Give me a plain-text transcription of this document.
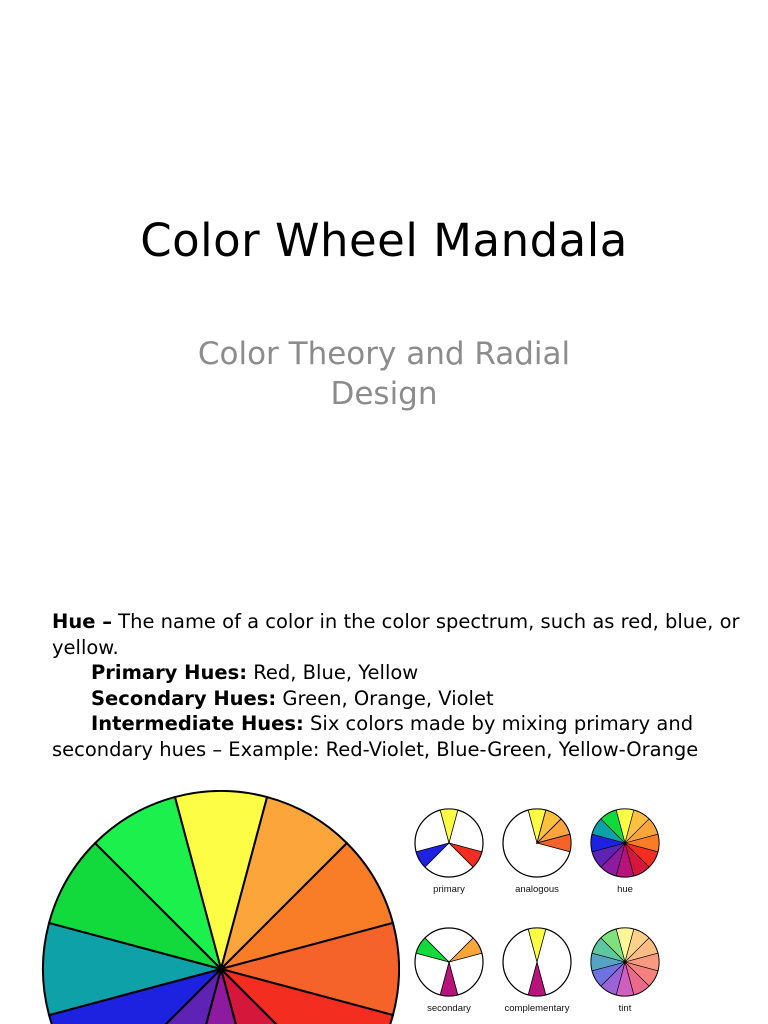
Color Wheel Mandala
Color Theory and Radial Design

Hue – The name of a color in the color spectrum, such as red, blue, or yellow.

Primary Hues: Red, Blue, Yellow

Secondary Hues: Green, Orange, Violet

Intermediate Hues: Six colors made by mixing primary andsecondary hues – Example: Red-Violet, Blue-Green, Yellow-Orange

primary	analogous	hue
secondary	complementary	tint
